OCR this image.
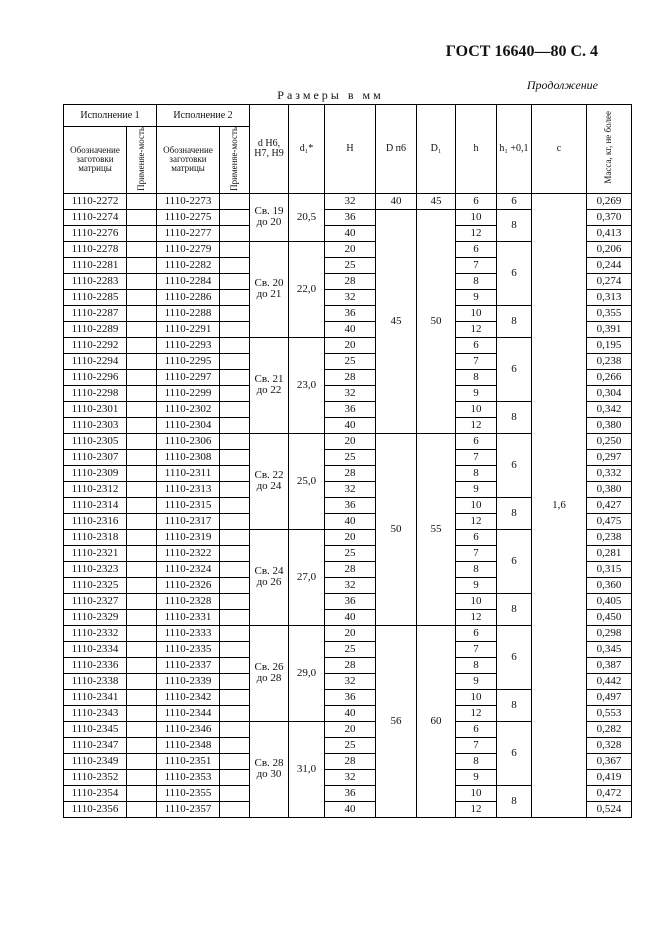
ГОСТ 16640—80 С. 4
Продолжение
Размеры в мм
Исполнение 1		Исполнение 2		d H6, H7, H9	d₁*	H	D п6	D₁	h	h₁ +0,1	c	Масса, кг, не более
Обозначение заготовки матрицы	Применяе-мость	Обозначение заготовки матрицы	Применяе-мость									
1110-2272		1110-2273		Св. 19 до 20	20,5	32	40	45	6	6	1,6	0,269
1110-2274		1110-2275				36	45	50	10	8		0,370
1110-2276		1110-2277				40			12			0,413
1110-2278		1110-2279		Св. 20 до 21	22,0	20			6	6		0,206
1110-2281		1110-2282				25			7			0,244
1110-2283		1110-2284				28			8			0,274
1110-2285		1110-2286				32			9			0,313
1110-2287		1110-2288				36			10	8		0,355
1110-2289		1110-2291				40			12			0,391
1110-2292		1110-2293		Св. 21 до 22	23,0	20			6	6		0,195
1110-2294		1110-2295				25			7			0,238
1110-2296		1110-2297				28			8			0,266
1110-2298		1110-2299				32			9			0,304
1110-2301		1110-2302				36			10	8		0,342
1110-2303		1110-2304				40			12			0,380
1110-2305		1110-2306		Св. 22 до 24	25,0	20	50	55	6	6		0,250
1110-2307		1110-2308				25			7			0,297
1110-2309		1110-2311				28			8			0,332
1110-2312		1110-2313				32			9			0,380
1110-2314		1110-2315				36			10	8		0,427
1110-2316		1110-2317				40			12			0,475
1110-2318		1110-2319		Св. 24 до 26	27,0	20			6	6		0,238
1110-2321		1110-2322				25			7			0,281
1110-2323		1110-2324				28			8			0,315
1110-2325		1110-2326				32			9			0,360
1110-2327		1110-2328				36			10	8		0,405
1110-2329		1110-2331				40			12			0,450
1110-2332		1110-2333		Св. 26 до 28	29,0	20	56	60	6	6		0,298
1110-2334		1110-2335				25			7			0,345
1110-2336		1110-2337				28			8			0,387
1110-2338		1110-2339				32			9			0,442
1110-2341		1110-2342				36			10	8		0,497
1110-2343		1110-2344				40			12			0,553
1110-2345		1110-2346		Св. 28 до 30	31,0	20			6	6		0,282
1110-2347		1110-2348				25			7			0,328
1110-2349		1110-2351				28			8			0,367
1110-2352		1110-2353				32			9			0,419
1110-2354		1110-2355				36			10	8		0,472
1110-2356		1110-2357				40			12			0,524
